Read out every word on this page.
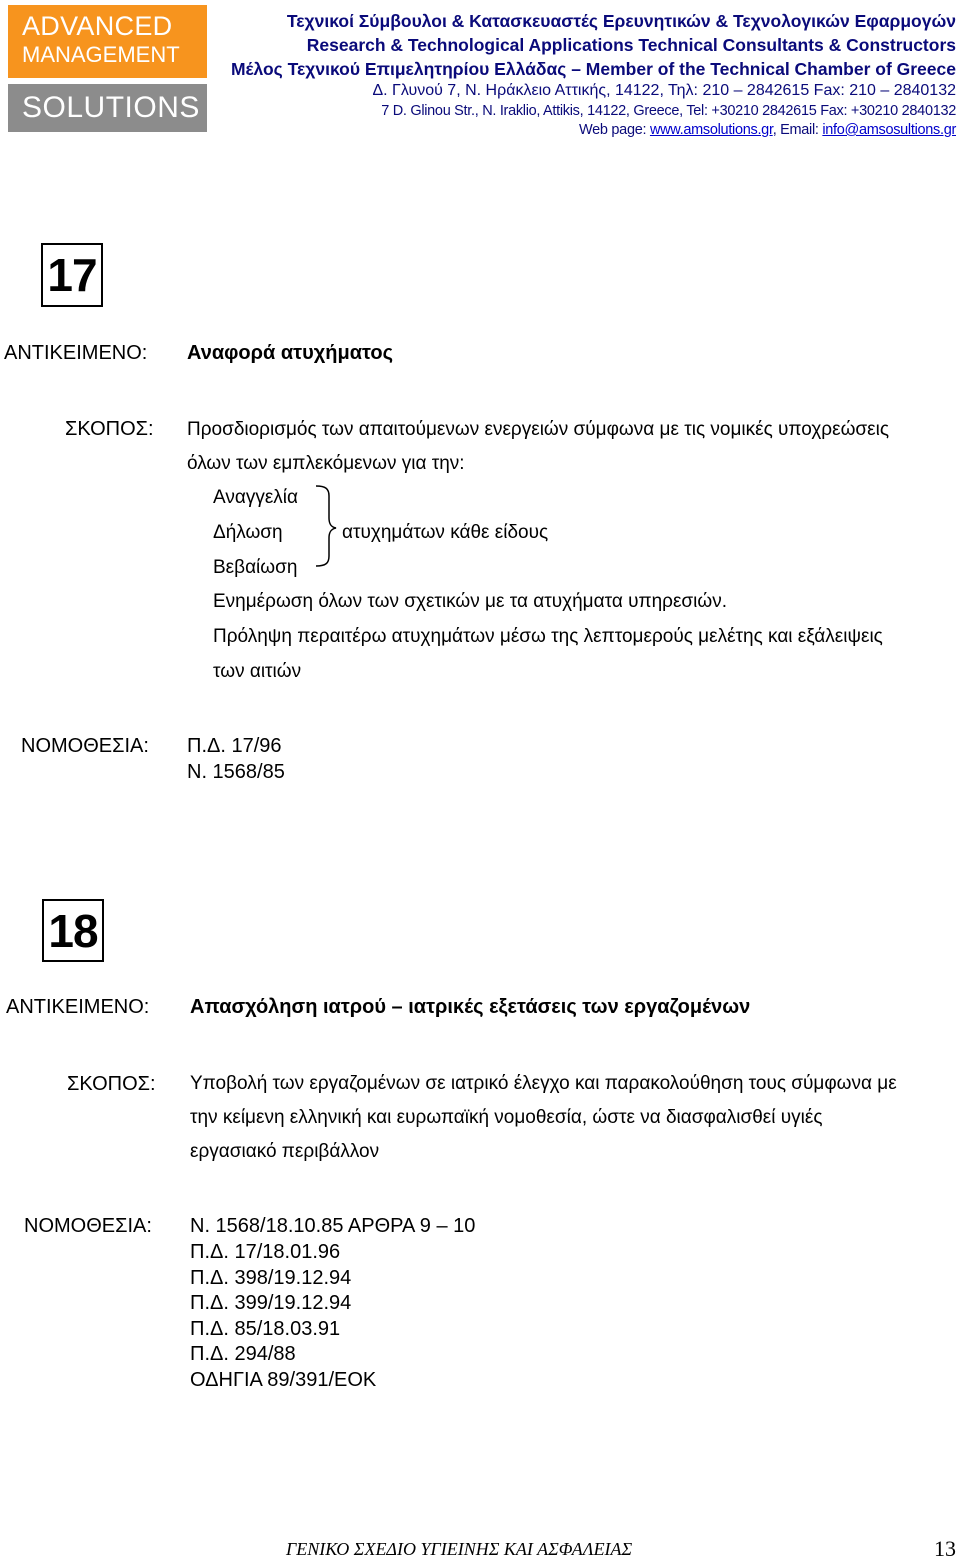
ADVANCED
MANAGEMENT
SOLUTIONS
Τεχνικοί Σύμβουλοι & Κατασκευαστές Ερευνητικών & Τεχνολογικών Εφαρμογών
Research & Technological Applications Technical Consultants & Constructors
Μέλος Τεχνικού Επιμελητηρίου Ελλάδας – Member of the Technical Chamber of Greece
Δ. Γλυνού 7, Ν. Ηράκλειο Αττικής, 14122, Τηλ: 210 – 2842615 Fax: 210 – 2840132
7 D. Glinou Str., N. Iraklio, Attikis, 14122, Greece, Tel: +30210 2842615 Fax: +30210 2840132
Web page: www.amsolutions.gr, Email: info@amsosultions.gr
17
ΑΝΤΙΚΕΙΜΕΝΟ: Αναφορά ατυχήματος
ΣΚΟΠΟΣ: Προσδιορισμός των απαιτούμενων ενεργειών σύμφωνα με τις νομικές υποχρεώσεις
όλων των εμπλεκόμενων για την:
Αναγγελία
Δήλωση
Βεβαίωση
ατυχημάτων κάθε είδους
Ενημέρωση όλων των σχετικών με τα ατυχήματα υπηρεσιών.
Πρόληψη περαιτέρω ατυχημάτων μέσω της λεπτομερούς μελέτης και εξάλειψεις
των αιτιών
ΝΟΜΟΘΕΣΙΑ: Π.Δ. 17/96
Ν. 1568/85
18
ΑΝΤΙΚΕΙΜΕΝΟ: Απασχόληση ιατρού – ιατρικές εξετάσεις των εργαζομένων
ΣΚΟΠΟΣ: Υποβολή των εργαζομένων σε ιατρικό έλεγχο και παρακολούθηση τους σύμφωνα με
την κείμενη ελληνική και ευρωπαϊκή νομοθεσία, ώστε να διασφαλισθεί υγιές
εργασιακό περιβάλλον
ΝΟΜΟΘΕΣΙΑ: Ν. 1568/18.10.85 ΑΡΘΡΑ 9 – 10
Π.Δ. 17/18.01.96
Π.Δ. 398/19.12.94
Π.Δ. 399/19.12.94
Π.Δ. 85/18.03.91
Π.Δ. 294/88
ΟΔΗΓΙΑ 89/391/ΕΟΚ
ΓΕΝΙΚΟ ΣΧΕΔΙΟ ΥΓΙΕΙΝΗΣ ΚΑΙ ΑΣΦΑΛΕΙΑΣ	13
